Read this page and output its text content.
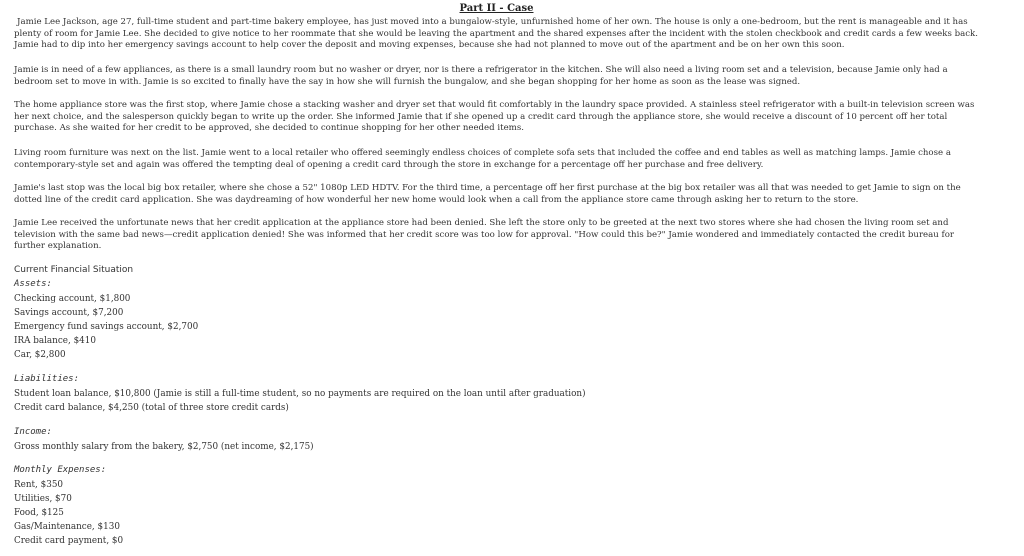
Part II - Case

Jamie Lee Jackson, age 27, full-time student and part-time bakery employee, has just moved into a bungalow-style, unfurnished home of her own. The house is only a one-bedroom, but the rent is manageable and it has plenty of room for Jamie Lee. She decided to give notice to her roommate that she would be leaving the apartment and the shared expenses after the incident with the stolen checkbook and credit cards a few weeks back. Jamie had to dip into her emergency savings account to help cover the deposit and moving expenses, because she had not planned to move out of the apartment and be on her own this soon.

Jamie is in need of a few appliances, as there is a small laundry room but no washer or dryer, nor is there a refrigerator in the kitchen. She will also need a living room set and a television, because Jamie only had a bedroom set to move in with. Jamie is so excited to finally have the say in how she will furnish the bungalow, and she began shopping for her home as soon as the lease was signed.

The home appliance store was the first stop, where Jamie chose a stacking washer and dryer set that would fit comfortably in the laundry space provided. A stainless steel refrigerator with a built-in television screen was her next choice, and the salesperson quickly began to write up the order. She informed Jamie that if she opened up a credit card through the appliance store, she would receive a discount of 10 percent off her total purchase. As she waited for her credit to be approved, she decided to continue shopping for her other needed items.

Living room furniture was next on the list. Jamie went to a local retailer who offered seemingly endless choices of complete sofa sets that included the coffee and end tables as well as matching lamps. Jamie chose a contemporary-style set and again was offered the tempting deal of opening a credit card through the store in exchange for a percentage off her purchase and free delivery.

Jamie's last stop was the local big box retailer, where she chose a 52" 1080p LED HDTV. For the third time, a percentage off her first purchase at the big box retailer was all that was needed to get Jamie to sign on the dotted line of the credit card application. She was daydreaming of how wonderful her new home would look when a call from the appliance store came through asking her to return to the store.

Jamie Lee received the unfortunate news that her credit application at the appliance store had been denied. She left the store only to be greeted at the next two stores where she had chosen the living room set and television with the same bad news—credit application denied! She was informed that her credit score was too low for approval. "How could this be?" Jamie wondered and immediately contacted the credit bureau for further explanation.

Current Financial Situation
Assets:
Checking account, $1,800
Savings account, $7,200
Emergency fund savings account, $2,700
IRA balance, $410
Car, $2,800
Liabilities:
Student loan balance, $10,800 (Jamie is still a full-time student, so no payments are required on the loan until after graduation)
Credit card balance, $4,250 (total of three store credit cards)
Income:
Gross monthly salary from the bakery, $2,750 (net income, $2,175)
Monthly Expenses:
Rent, $350
Utilities, $70
Food, $125
Gas/Maintenance, $130
Credit card payment, $0
